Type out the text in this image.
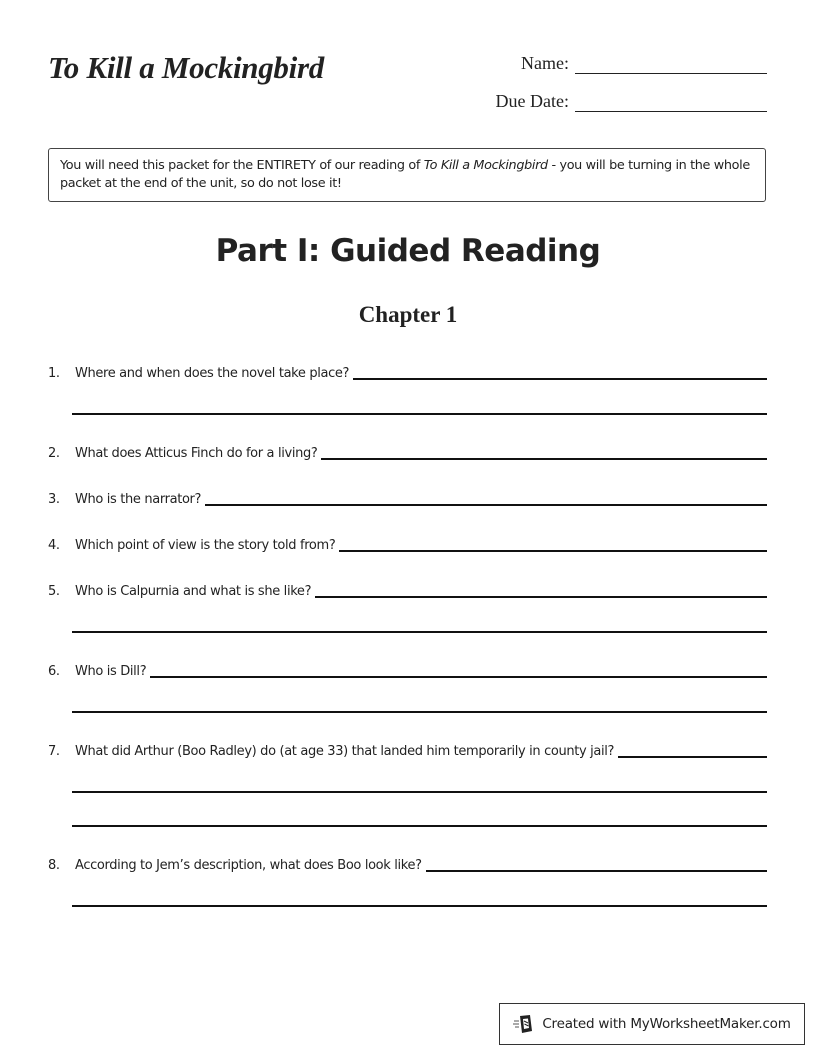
To Kill a Mockingbird	Name:
Due Date:
You will need this packet for the ENTIRETY of our reading of To Kill a Mockingbird - you will be turning in the whole packet at the end of the unit, so do not lose it!
Part I: Guided Reading
Chapter 1
1.	Where and when does the novel take place?
2.	What does Atticus Finch do for a living?
3.	Who is the narrator?
4.	Which point of view is the story told from?
5.	Who is Calpurnia and what is she like?
6.	Who is Dill?
7.	What did Arthur (Boo Radley) do (at age 33) that landed him temporarily in county jail?
8.	According to Jem’s description, what does Boo look like?
Created with MyWorksheetMaker.com
